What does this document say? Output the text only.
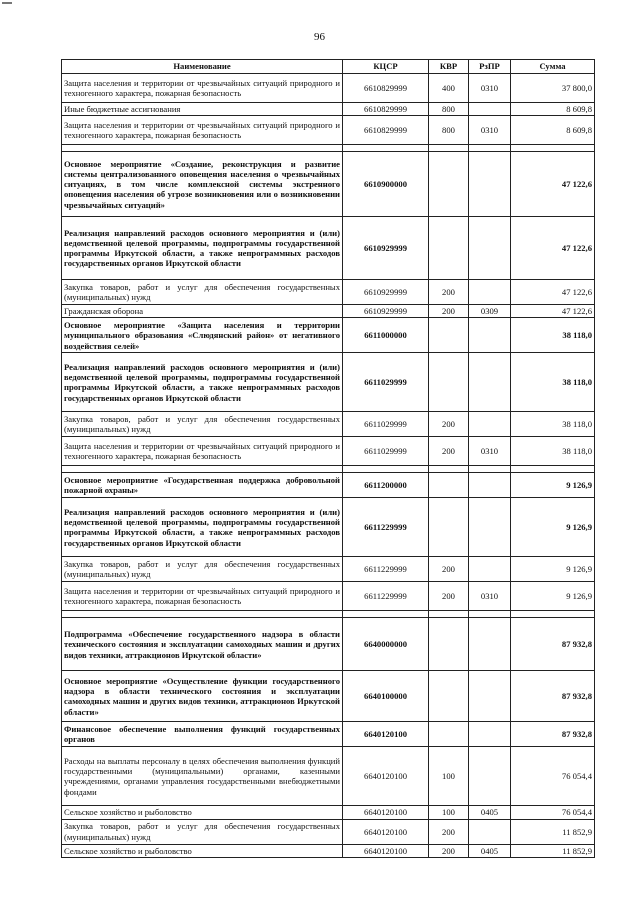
96
Наименование	КЦСР	КВР	РзПР	Сумма
Защита населения и территории от чрезвычайных ситуаций природного и техногенного характера, пожарная безопасность	6610829999	400	0310	37 800,0
Иные бюджетные ассигнования	6610829999	800		8 609,8
Защита населения и территории от чрезвычайных ситуаций природного и техногенного характера, пожарная безопасность	6610829999	800	0310	8 609,8

Основное мероприятие «Создание, реконструкция и развитие системы централизованного оповещения населения о чрезвычайных ситуациях, в том числе комплексной системы экстренного оповещения населения об угрозе возникновения или о возникновении чрезвычайных ситуаций»	6610900000			47 122,6
Реализация направлений расходов основного мероприятия и (или) ведомственной целевой программы, подпрограммы государственной программы Иркутской области, а также непрограммных расходов государственных органов Иркутской области	6610929999			47 122,6
Закупка товаров, работ и услуг для обеспечения государственных (муниципальных) нужд	6610929999	200		47 122,6
Гражданская оборона	6610929999	200	0309	47 122,6
Основное мероприятие «Защита населения и территории муниципального образования «Слюдянский район» от негативного воздействия селей»	6611000000			38 118,0
Реализация направлений расходов основного мероприятия и (или) ведомственной целевой программы, подпрограммы государственной программы Иркутской области, а также непрограммных расходов государственных органов Иркутской области	6611029999			38 118,0
Закупка товаров, работ и услуг для обеспечения государственных (муниципальных) нужд	6611029999	200		38 118,0
Защита населения и территории от чрезвычайных ситуаций природного и техногенного характера, пожарная безопасность	6611029999	200	0310	38 118,0

Основное мероприятие «Государственная поддержка добровольной пожарной охраны»	6611200000			9 126,9
Реализация направлений расходов основного мероприятия и (или) ведомственной целевой программы, подпрограммы государственной программы Иркутской области, а также непрограммных расходов государственных органов Иркутской области	6611229999			9 126,9
Закупка товаров, работ и услуг для обеспечения государственных (муниципальных) нужд	6611229999	200		9 126,9
Защита населения и территории от чрезвычайных ситуаций природного и техногенного характера, пожарная безопасность	6611229999	200	0310	9 126,9

Подпрограмма «Обеспечение государственного надзора в области технического состояния и эксплуатации самоходных машин и других видов техники, аттракционов Иркутской области»	6640000000			87 932,8
Основное мероприятие «Осуществление функции государственного надзора в области технического состояния и эксплуатации самоходных машин и других видов техники, аттракционов Иркутской области»	6640100000			87 932,8
Финансовое обеспечение выполнения функций государственных органов	6640120100			87 932,8
Расходы на выплаты персоналу в целях обеспечения выполнения функций государственными (муниципальными) органами, казенными учреждениями, органами управления государственными внебюджетными фондами	6640120100	100		76 054,4
Сельское хозяйство и рыболовство	6640120100	100	0405	76 054,4
Закупка товаров, работ и услуг для обеспечения государственных (муниципальных) нужд	6640120100	200		11 852,9
Сельское хозяйство и рыболовство	6640120100	200	0405	11 852,9
